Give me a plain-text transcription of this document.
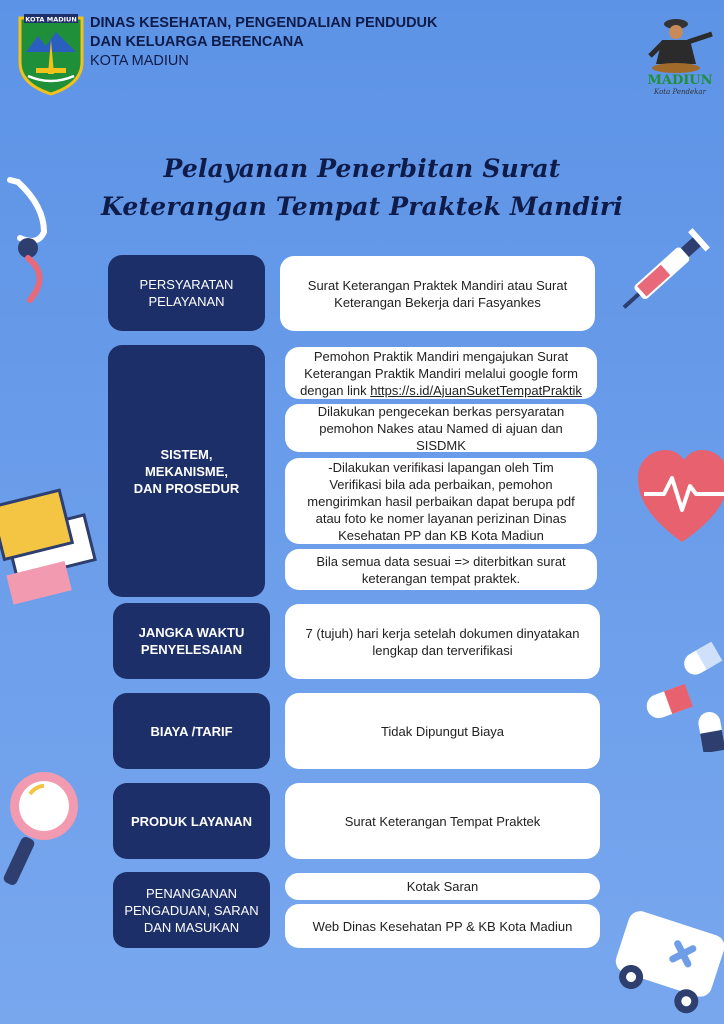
KOTA MADIUN DINAS KESEHATAN, PENGENDALIAN PENDUDUK
DAN KELUARGA BERENCANA
KOTA MADIUN
MADIUN
Kota Pendekar
Pelayanan Penerbitan Surat
Keterangan Tempat Praktek Mandiri
PERSYARATAN
PELAYANAN
Surat Keterangan Praktek Mandiri atau Surat
Keterangan Bekerja dari Fasyankes
SISTEM,
MEKANISME,
DAN PROSEDUR
Pemohon Praktik Mandiri mengajukan Surat
Keterangan Praktik Mandiri melalui google form
dengan link https://s.id/AjuanSuketTempatPraktik
Dilakukan pengecekan berkas persyaratan
pemohon Nakes atau Named di ajuan dan
SISDMK
-Dilakukan verifikasi lapangan oleh Tim
Verifikasi bila ada perbaikan, pemohon
mengirimkan hasil perbaikan dapat berupa pdf
atau foto ke nomer layanan perizinan Dinas
Kesehatan PP dan KB Kota Madiun
Bila semua data sesuai => diterbitkan surat
keterangan tempat praktek.
JANGKA WAKTU
PENYELESAIAN
7 (tujuh) hari kerja setelah dokumen dinyatakan
lengkap dan terverifikasi
BIAYA /TARIF	Tidak Dipungut Biaya
PRODUK LAYANAN	Surat Keterangan Tempat Praktek
PENANGANAN
PENGADUAN, SARAN
DAN MASUKAN
Kotak Saran
Web Dinas Kesehatan PP & KB Kota Madiun
